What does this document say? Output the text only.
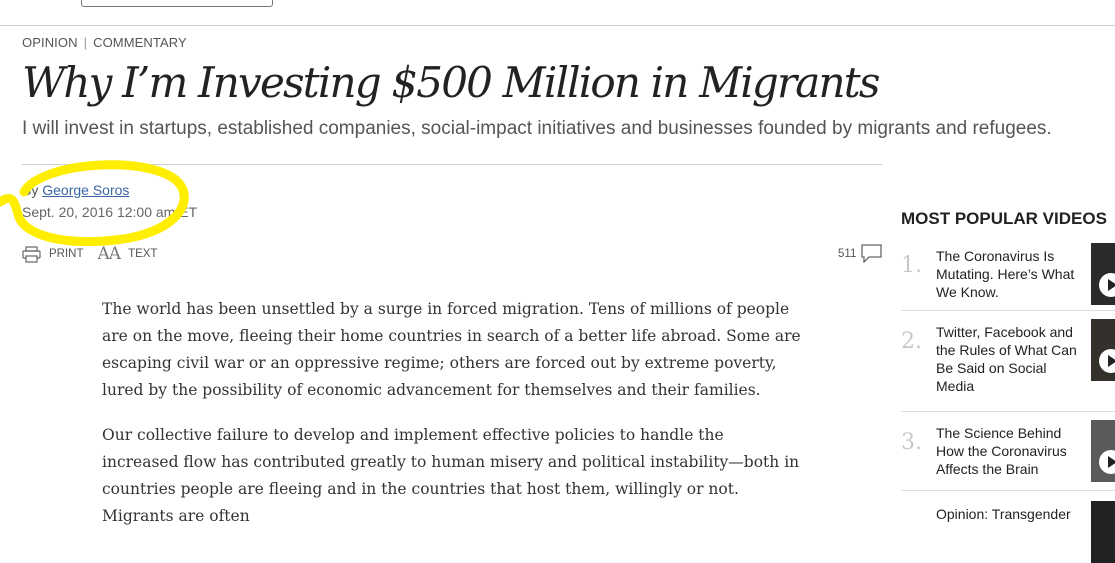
OPINION | COMMENTARY
Why I’m Investing $500 Million in Migrants
I will invest in startups, established companies, social-impact initiatives and businesses founded by migrants and refugees.
By George Soros
Sept. 20, 2016 12:00 am ET
PRINT AA TEXT	511

The world has been unsettled by a surge in forced migration. Tens of millions of people are on the move, fleeing their home countries in search of a better life abroad. Some are escaping civil war or an oppressive regime; others are forced out by extreme poverty, lured by the possibility of economic advancement for themselves and their families.

Our collective failure to develop and implement effective policies to handle the increased flow has contributed greatly to human misery and political instability—both in countries people are fleeing and in the countries that host them, willingly or not. Migrants are often

MOST POPULAR VIDEOS
1. The Coronavirus Is Mutating. Here’s What We Know.
2. Twitter, Facebook and the Rules of What Can Be Said on Social Media
3. The Science Behind How the Coronavirus Affects the Brain
Opinion: Transgender
